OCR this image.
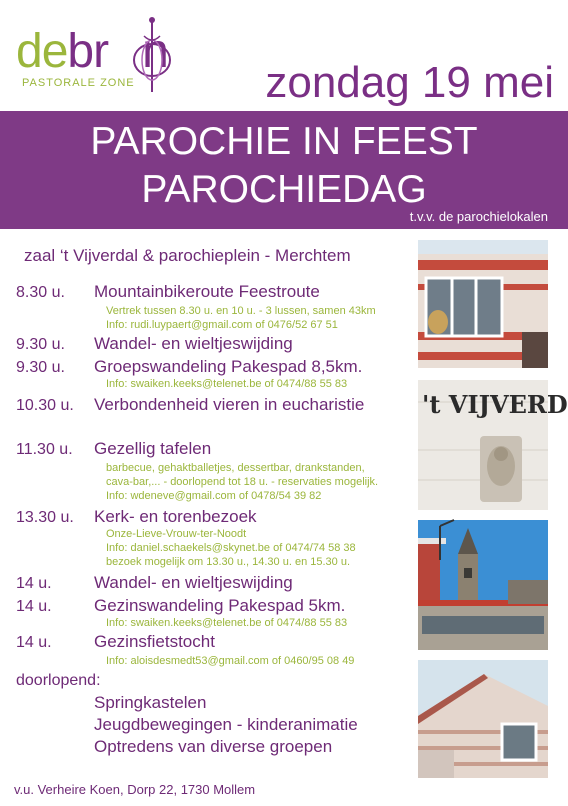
debr n
PASTORALE ZONE	zondag 19 mei
PAROCHIE IN FEEST
PAROCHIEDAG
t.v.v. de parochielokalen
zaal ‘t Vijverdal & parochieplein - Merchtem
8.30 u. Mountainbikeroute Feestroute
Vertrek tussen 8.30 u. en 10 u. - 3 lussen, samen 43km
Info: rudi.luypaert@gmail.com of 0476/52 67 51
9.30 u. Wandel- en wieltjeswijding
9.30 u. Groepswandeling Pakespad 8,5km.
Info: swaiken.keeks@telenet.be of 0474/88 55 83
10.30 u. Verbondenheid vieren in eucharistie
11.30 u. Gezellig tafelen
barbecue, gehaktballetjes, dessertbar, drankstanden,
cava-bar,... - doorlopend tot 18 u. - reservaties mogelijk.
Info: wdeneve@gmail.com of 0478/54 39 82
13.30 u. Kerk- en torenbezoek
Onze-Lieve-Vrouw-ter-Noodt
Info: daniel.schaekels@skynet.be of 0474/74 58 38
bezoek mogelijk om 13.30 u., 14.30 u. en 15.30 u.
14 u. Wandel- en wieltjeswijding
14 u. Gezinswandeling Pakespad 5km.
Info: swaiken.keeks@telenet.be of 0474/88 55 83
14 u. Gezinsfietstocht
Info: aloisdesmedt53@gmail.com of 0460/95 08 49
doorlopend:
Springkastelen
Jeugdbewegingen - kinderanimatie
Optredens van diverse groepen
't VIJVERD
v.u. Verheire Koen, Dorp 22, 1730 Mollem
